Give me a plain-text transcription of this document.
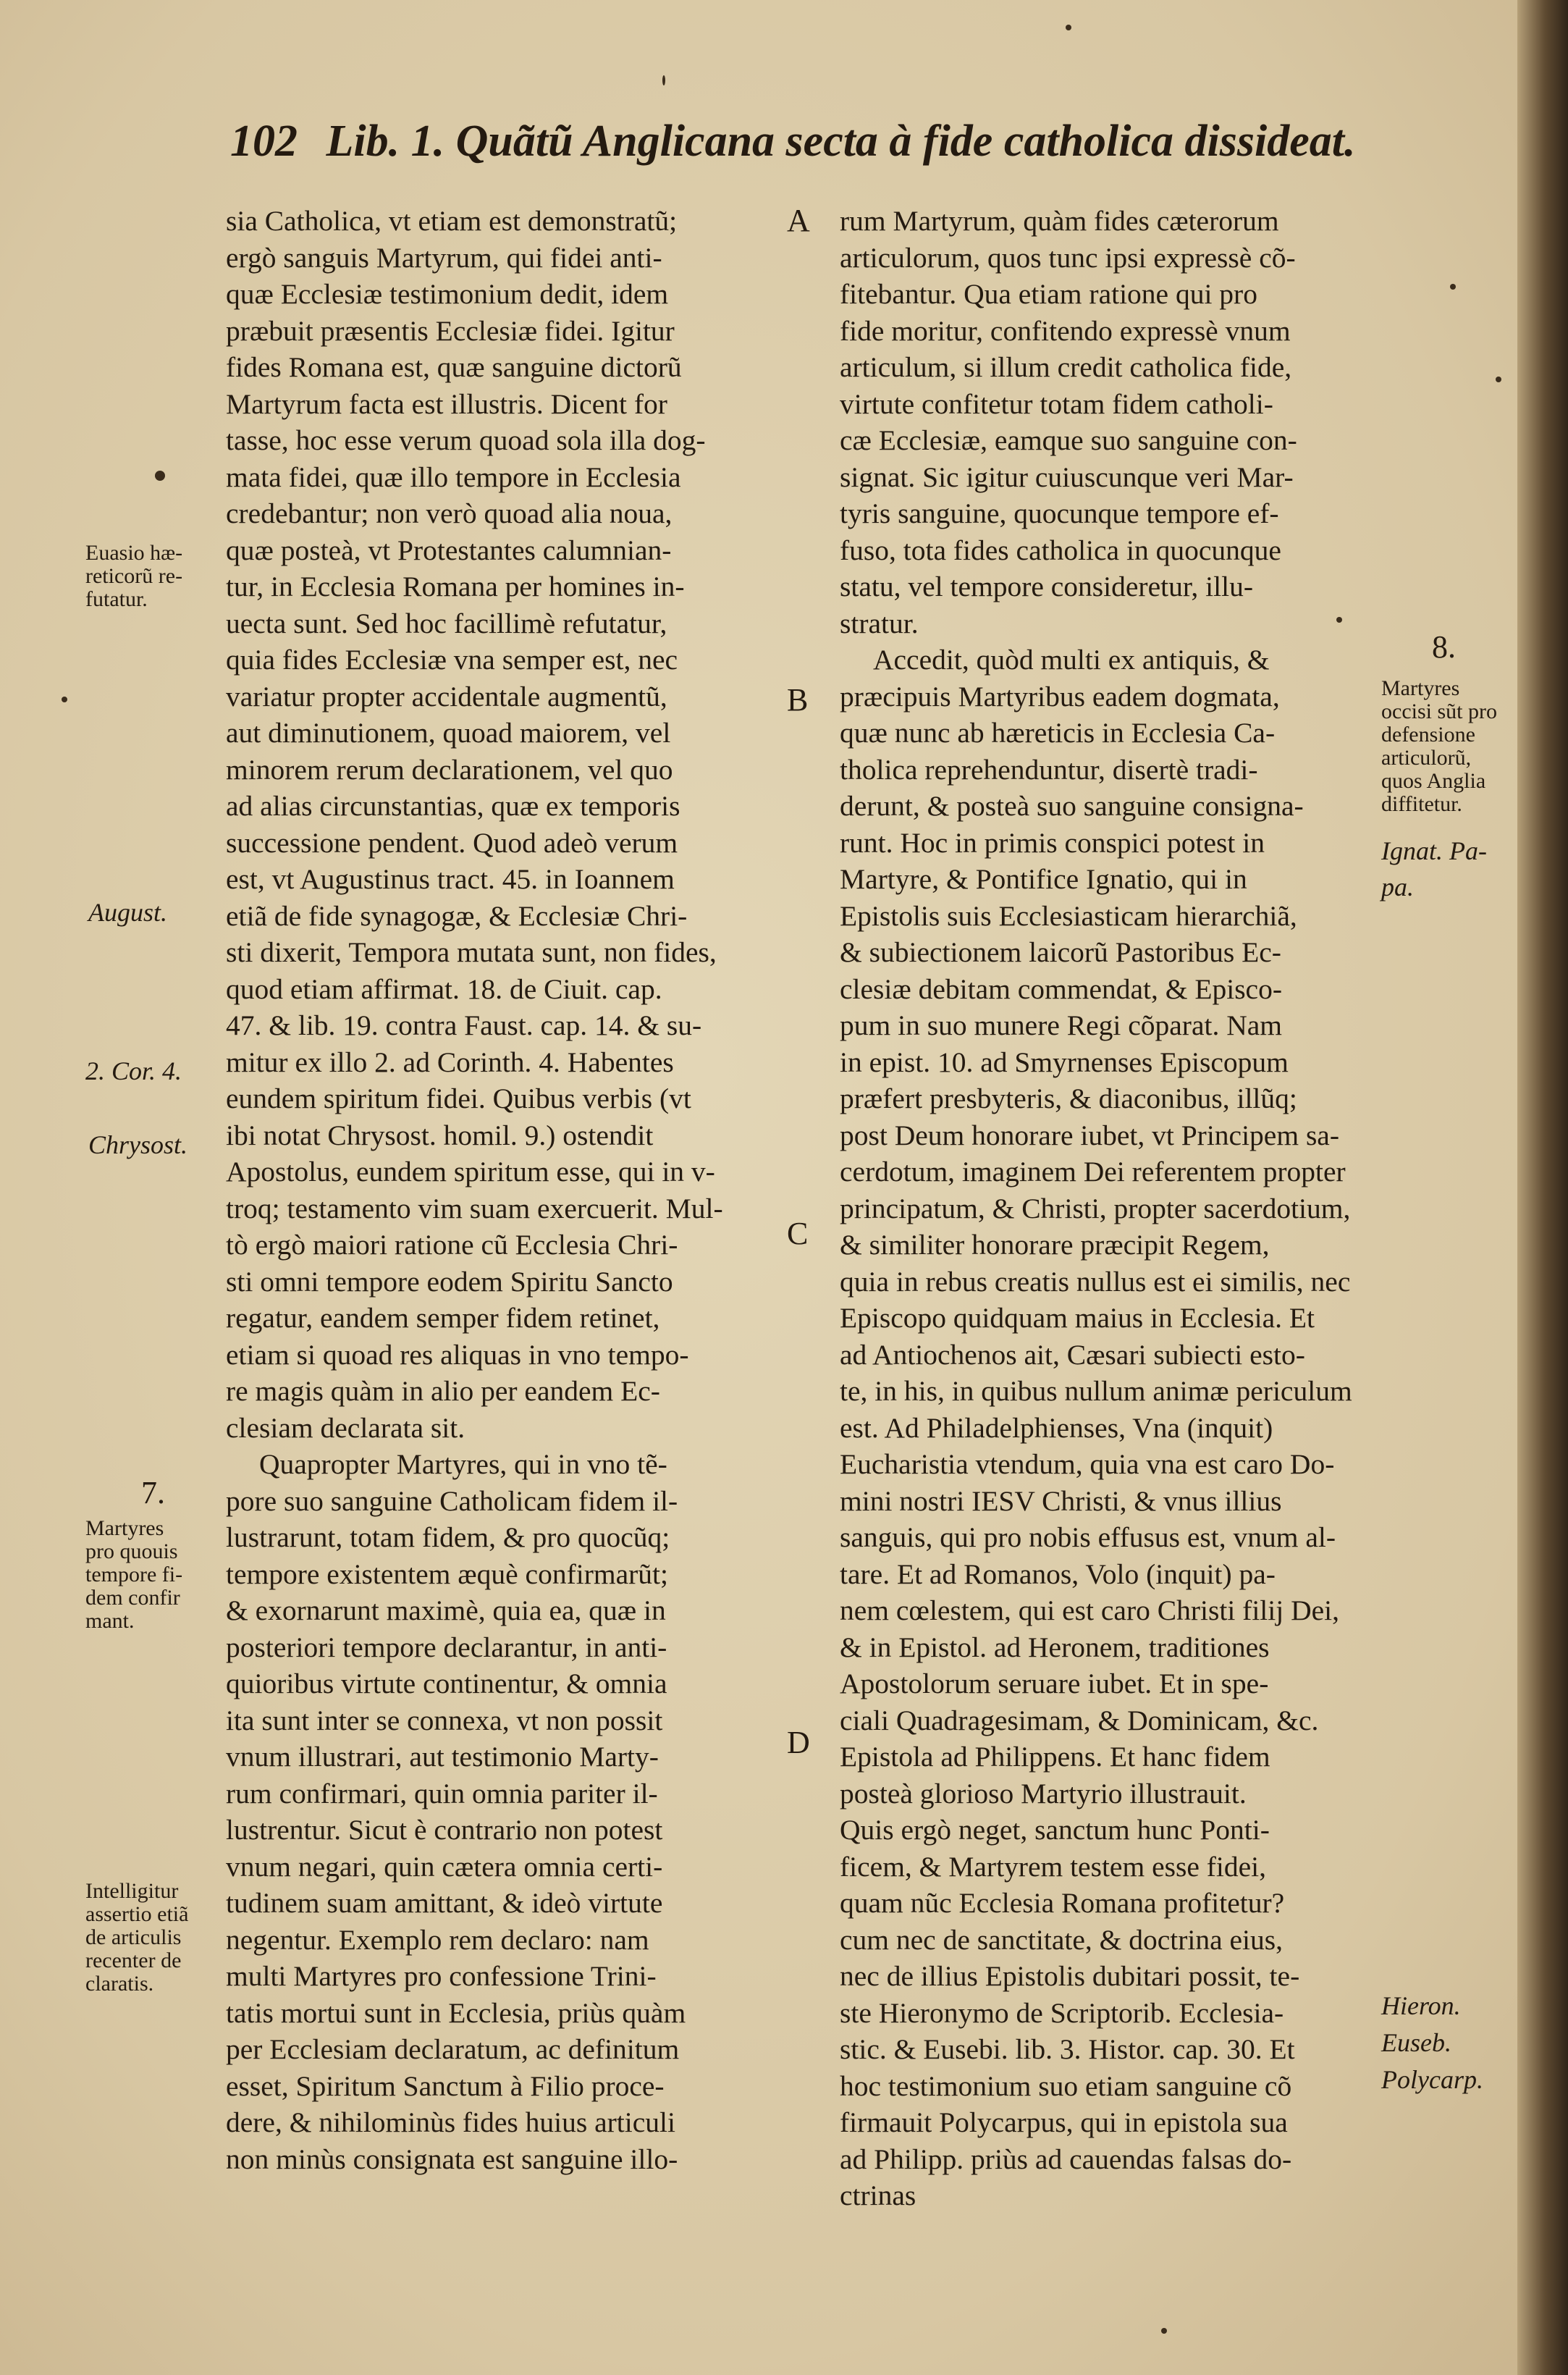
102 Lib. 1. Quãtũ Anglicana secta à fide catholica dissideat.
sia Catholica, vt etiam est demonstratũ;
ergò sanguis Martyrum, qui fidei anti-
quæ Ecclesiæ testimonium dedit, idem
præbuit præsentis Ecclesiæ fidei. Igitur
fides Romana est, quæ sanguine dictorũ
Martyrum facta est illustris. Dicent for
tasse, hoc esse verum quoad sola illa dog-
mata fidei, quæ illo tempore in Ecclesia
credebantur; non verò quoad alia noua,
quæ posteà, vt Protestantes calumnian-
tur, in Ecclesia Romana per homines in-
uecta sunt. Sed hoc facillimè refutatur,
quia fides Ecclesiæ vna semper est, nec
variatur propter accidentale augmentũ,
aut diminutionem, quoad maiorem, vel
minorem rerum declarationem, vel quo
ad alias circunstantias, quæ ex temporis
successione pendent. Quod adeò verum
est, vt Augustinus tract. 45. in Ioannem
etiã de fide synagogæ, & Ecclesiæ Chri-
sti dixerit, Tempora mutata sunt, non fides,
quod etiam affirmat. 18. de Ciuit. cap.
47. & lib. 19. contra Faust. cap. 14. & su-
mitur ex illo 2. ad Corinth. 4. Habentes
eundem spiritum fidei. Quibus verbis (vt
ibi notat Chrysost. homil. 9.) ostendit
Apostolus, eundem spiritum esse, qui in v-
troq; testamento vim suam exercuerit. Mul-
tò ergò maiori ratione cũ Ecclesia Chri-
sti omni tempore eodem Spiritu Sancto
regatur, eandem semper fidem retinet,
etiam si quoad res aliquas in vno tempo-
re magis quàm in alio per eandem Ec-
clesiam declarata sit.
Quapropter Martyres, qui in vno tẽ-
pore suo sanguine Catholicam fidem il-
lustrarunt, totam fidem, & pro quocũq;
tempore existentem æquè confirmarũt;
& exornarunt maximè, quia ea, quæ in
posteriori tempore declarantur, in anti-
quioribus virtute continentur, & omnia
ita sunt inter se connexa, vt non possit
vnum illustrari, aut testimonio Marty-
rum confirmari, quin omnia pariter il-
lustrentur. Sicut è contrario non potest
vnum negari, quin cætera omnia certi-
tudinem suam amittant, & ideò virtute
negentur. Exemplo rem declaro: nam
multi Martyres pro confessione Trini-
tatis mortui sunt in Ecclesia, priùs quàm
per Ecclesiam declaratum, ac definitum
esset, Spiritum Sanctum à Filio proce-
dere, & nihilominùs fides huius articuli
non minùs consignata est sanguine illo-
rum Martyrum, quàm fides cæterorum
articulorum, quos tunc ipsi expressè cõ-
fitebantur. Qua etiam ratione qui pro
fide moritur, confitendo expressè vnum
articulum, si illum credit catholica fide,
virtute confitetur totam fidem catholi-
cæ Ecclesiæ, eamque suo sanguine con-
signat. Sic igitur cuiuscunque veri Mar-
tyris sanguine, quocunque tempore ef-
fuso, tota fides catholica in quocunque
statu, vel tempore consideretur, illu-
stratur.
Accedit, quòd multi ex antiquis, &
præcipuis Martyribus eadem dogmata,
quæ nunc ab hæreticis in Ecclesia Ca-
tholica reprehenduntur, disertè tradi-
derunt, & posteà suo sanguine consigna-
runt. Hoc in primis conspici potest in
Martyre, & Pontifice Ignatio, qui in
Epistolis suis Ecclesiasticam hierarchiã,
& subiectionem laicorũ Pastoribus Ec-
clesiæ debitam commendat, & Episco-
pum in suo munere Regi cõparat. Nam
in epist. 10. ad Smyrnenses Episcopum
præfert presbyteris, & diaconibus, illũq;
post Deum honorare iubet, vt Principem sa-
cerdotum, imaginem Dei referentem propter
principatum, & Christi, propter sacerdotium,
& similiter honorare præcipit Regem,
quia in rebus creatis nullus est ei similis, nec
Episcopo quidquam maius in Ecclesia. Et
ad Antiochenos ait, Cæsari subiecti esto-
te, in his, in quibus nullum animæ periculum
est. Ad Philadelphienses, Vna (inquit)
Eucharistia vtendum, quia vna est caro Do-
mini nostri IESV Christi, & vnus illius
sanguis, qui pro nobis effusus est, vnum al-
tare. Et ad Romanos, Volo (inquit) pa-
nem cœlestem, qui est caro Christi filij Dei,
& in Epistol. ad Heronem, traditiones
Apostolorum seruare iubet. Et in spe-
ciali Quadragesimam, & Dominicam, &c.
Epistola ad Philippens. Et hanc fidem
posteà glorioso Martyrio illustrauit.
Quis ergò neget, sanctum hunc Ponti-
ficem, & Martyrem testem esse fidei,
quam nũc Ecclesia Romana profitetur?
cum nec de sanctitate, & doctrina eius,
nec de illius Epistolis dubitari possit, te-
ste Hieronymo de Scriptorib. Ecclesia-
stic. & Eusebi. lib. 3. Histor. cap. 30. Et
hoc testimonium suo etiam sanguine cõ
firmauit Polycarpus, qui in epistola sua
ad Philipp. priùs ad cauendas falsas do-
ctrinas
A
B
C
D
Euasio hæ-
reticorũ re-
futatur.
August.
2. Cor. 4.
Chrysost.
7.
Martyres
pro quouis
tempore fi-
dem confir
mant.
Intelligitur
assertio etiã
de articulis
recenter de
claratis.
8.
Martyres
occisi sũt pro
defensione
articulorũ,
quos Anglia
diffitetur.
Ignat. Pa-
pa.
Hieron.
Euseb.
Polycarp.
